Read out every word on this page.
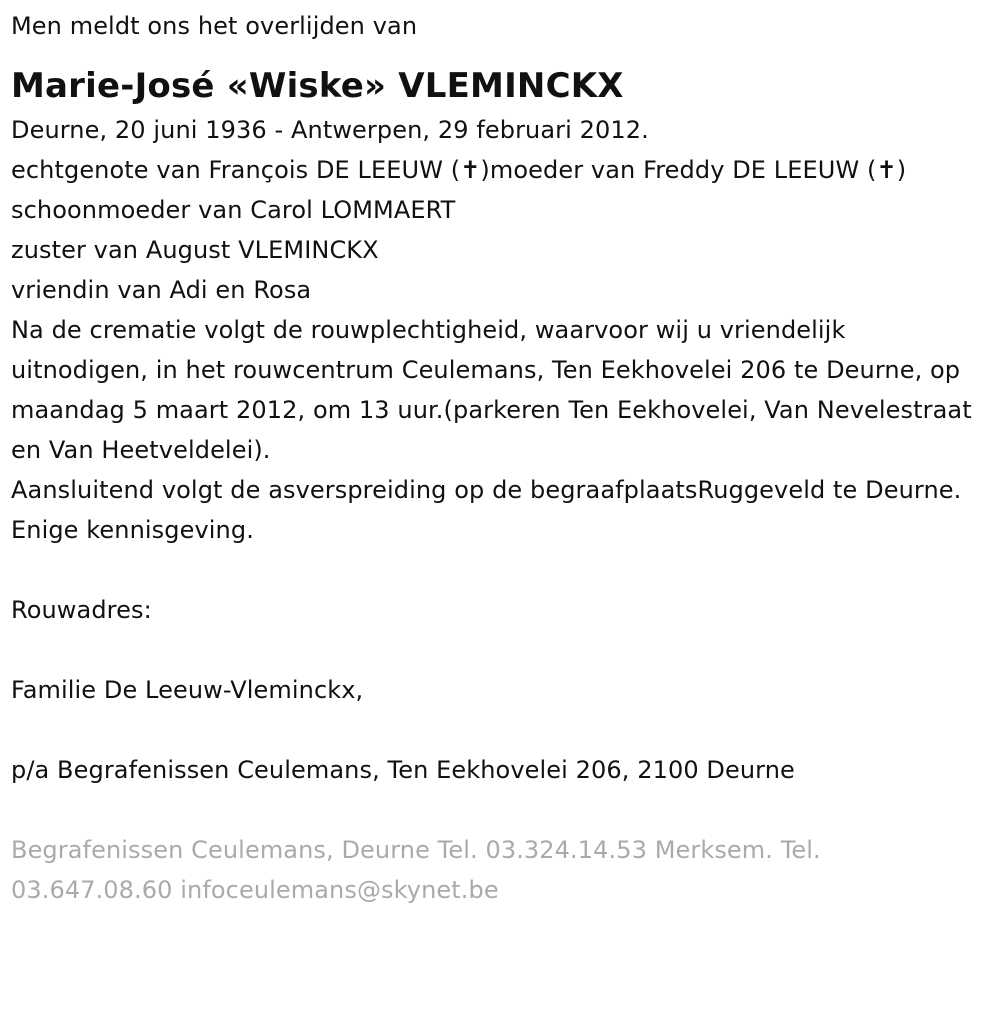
Men meldt ons het overlijden van
Marie-José «Wiske» VLEMINCKX
Deurne, 20 juni 1936 - Antwerpen, 29 februari 2012.
echtgenote van François DE LEEUW (✝)moeder van Freddy DE LEEUW (✝)
schoonmoeder van Carol LOMMAERT
zuster van August VLEMINCKX
vriendin van Adi en Rosa
Na de crematie volgt de rouwplechtigheid, waarvoor wij u vriendelijk uitnodigen, in het rouwcentrum Ceulemans, Ten Eekhovelei 206 te Deurne, op maandag 5 maart 2012, om 13 uur.(parkeren Ten Eekhovelei, Van Nevelestraat en Van Heetveldelei).
Aansluitend volgt de asverspreiding op de begraafplaatsRuggeveld te Deurne.
Enige kennisgeving.
Rouwadres:
Familie De Leeuw-Vleminckx,
p/a Begrafenissen Ceulemans, Ten Eekhovelei 206, 2100 Deurne
Begrafenissen Ceulemans, Deurne Tel. 03.324.14.53 Merksem. Tel. 03.647.08.60 infoceulemans@skynet.be
